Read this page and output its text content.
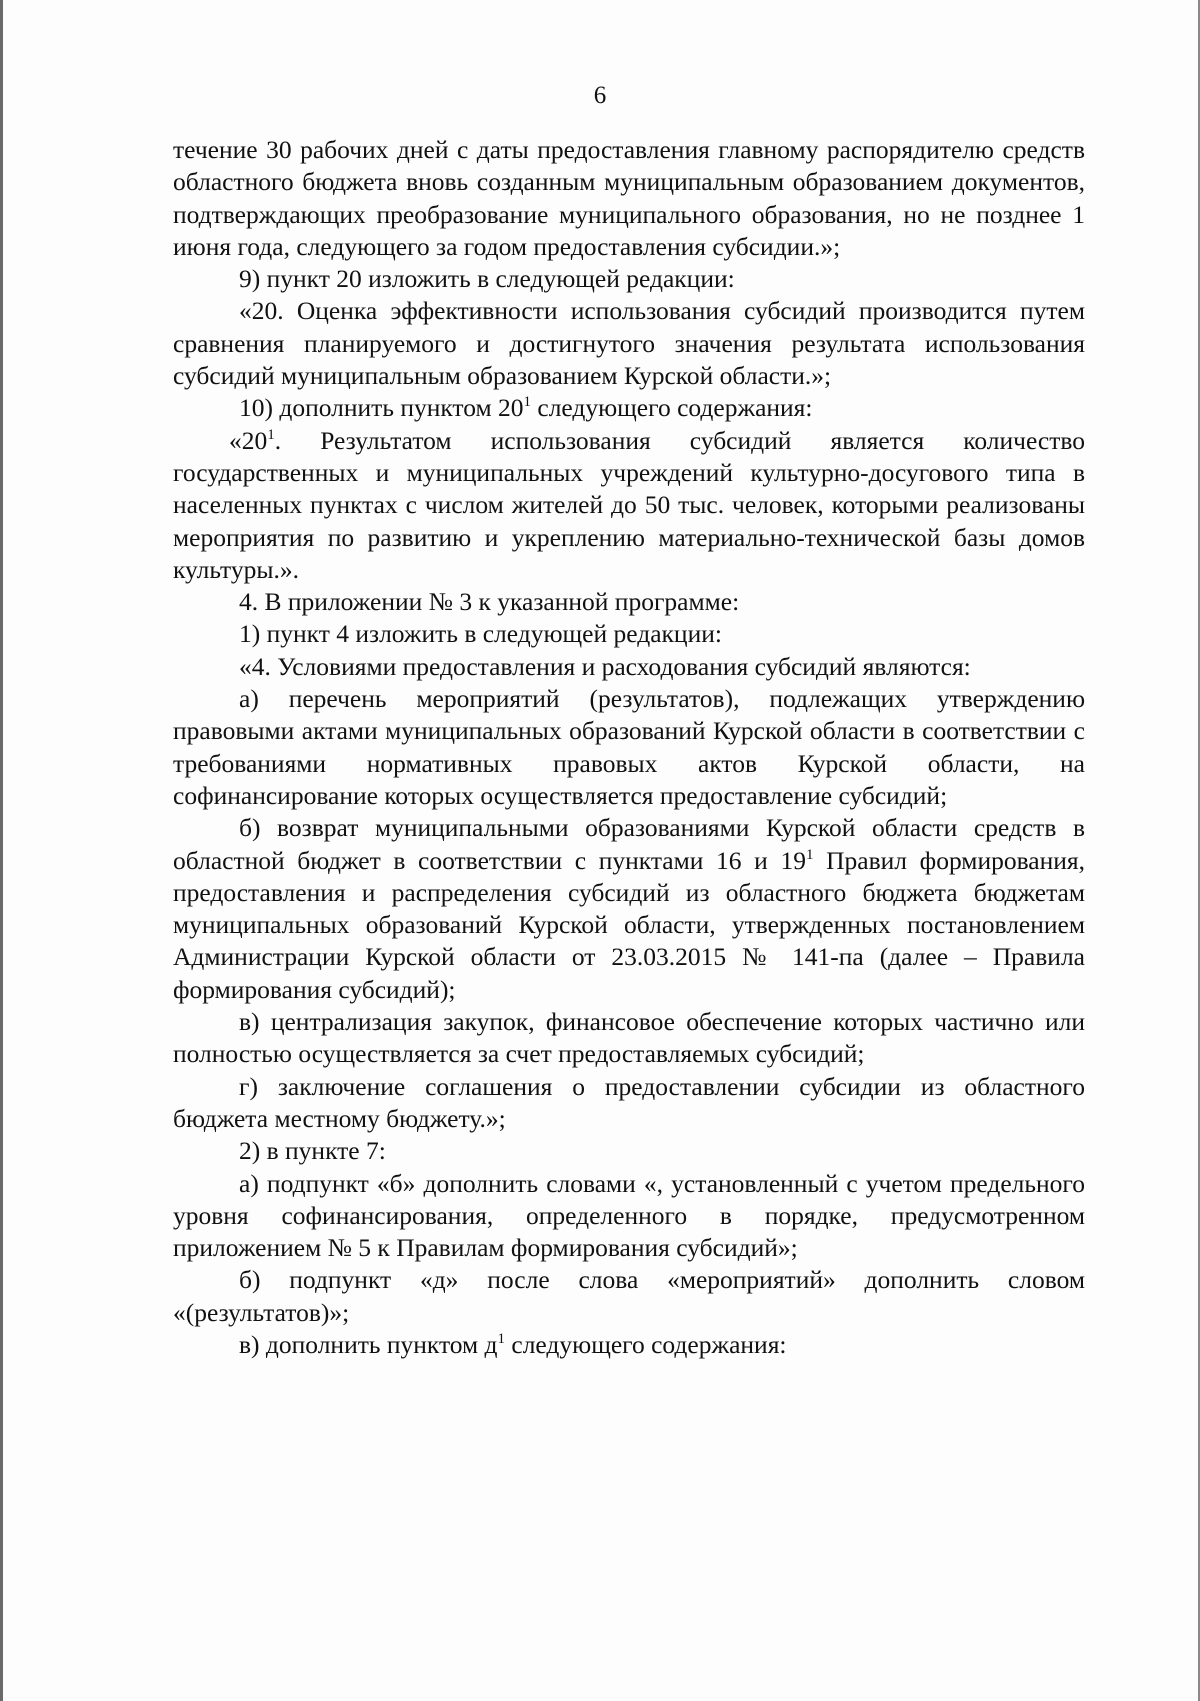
6

течение 30 рабочих дней с даты предоставления главному распорядителю средств областного бюджета вновь созданным муниципальным образованием документов, подтверждающих преобразование муниципального образования, но не позднее 1 июня года, следующего за годом предоставления субсидии.»;

9) пункт 20 изложить в следующей редакции:

«20. Оценка эффективности использования субсидий производится путем сравнения планируемого и достигнутого значения результата использования субсидий муниципальным образованием Курской области.»;

10) дополнить пунктом $20^1$ следующего содержания:

«$20^1$. Результатом использования субсидий является количество государственных и муниципальных учреждений культурно-досугового типа в населенных пунктах с числом жителей до 50 тыс. человек, которыми реализованы мероприятия по развитию и укреплению материально-технической базы домов культуры.».

4. В приложении № 3 к указанной программе:

1) пункт 4 изложить в следующей редакции:

«4. Условиями предоставления и расходования субсидий являются:

а) перечень мероприятий (результатов), подлежащих утверждению правовыми актами муниципальных образований Курской области в соответствии с требованиями нормативных правовых актов Курской области, на софинансирование которых осуществляется предоставление субсидий;

б) возврат муниципальными образованиями Курской области средств в областной бюджет в соответствии с пунктами 16 и $19^1$ Правил формирования, предоставления и распределения субсидий из областного бюджета бюджетам муниципальных образований Курской области, утвержденных постановлением Администрации Курской области от 23.03.2015 № 141-па (далее – Правила формирования субсидий);

в) централизация закупок, финансовое обеспечение которых частично или полностью осуществляется за счет предоставляемых субсидий;

г) заключение соглашения о предоставлении субсидии из областного бюджета местному бюджету.»;

2) в пункте 7:

а) подпункт «б» дополнить словами «, установленный с учетом предельного уровня софинансирования, определенного в порядке, предусмотренном приложением № 5 к Правилам формирования субсидий»;

б) подпункт «д» после слова «мероприятий» дополнить словом «(результатов)»;

в) дополнить пунктом $д^1$ следующего содержания:
